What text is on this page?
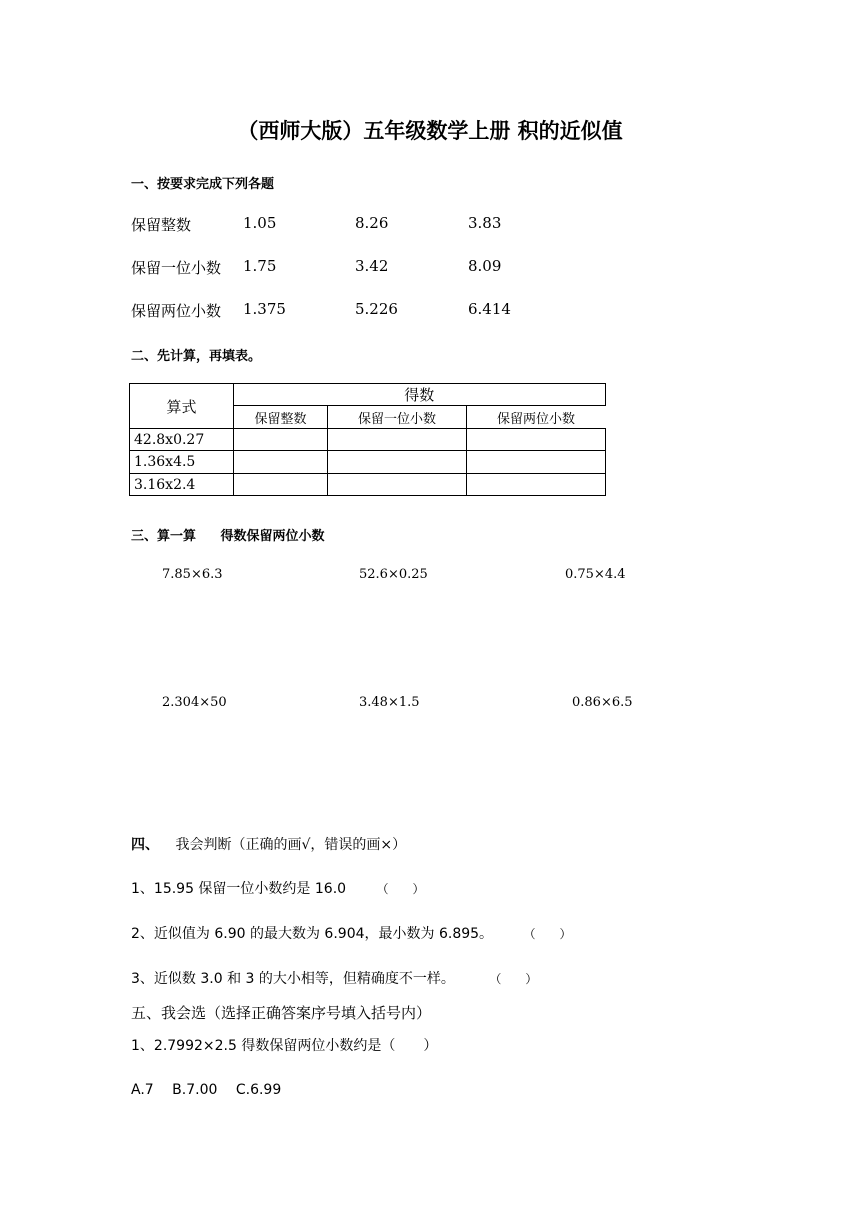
（西师大版）五年级数学上册 积的近似值
一、按要求完成下列各题
保留整数	1.05	8.26	3.83
保留一位小数 1.75	3.42	8.09
保留两位小数 1.375	5.226	6.414
二、先计算，再填表。
算式	得数		
	保留整数	保留一位小数	保留两位小数
42.8x0.27			
1.36x4.5			
3.16x2.4			
三、算一算 得数保留两位小数
7.85×6.3	52.6×0.25	0.75×4.4
2.304×50	3.48×1.5	0.86×6.5
四、 我会判断（正确的画√，错误的画×）
1、15.95 保留一位小数约是 16.0	（　　）
2、近似值为 6.90 的最大数为 6.904，最小数为 6.895。	（　　）
3、近似数 3.0 和 3 的大小相等，但精确度不一样。	（　　）
五、我会选（选择正确答案序号填入括号内）
1、2.7992×2.5 得数保留两位小数约是（　　）
A.7 B.7.00 C.6.99
